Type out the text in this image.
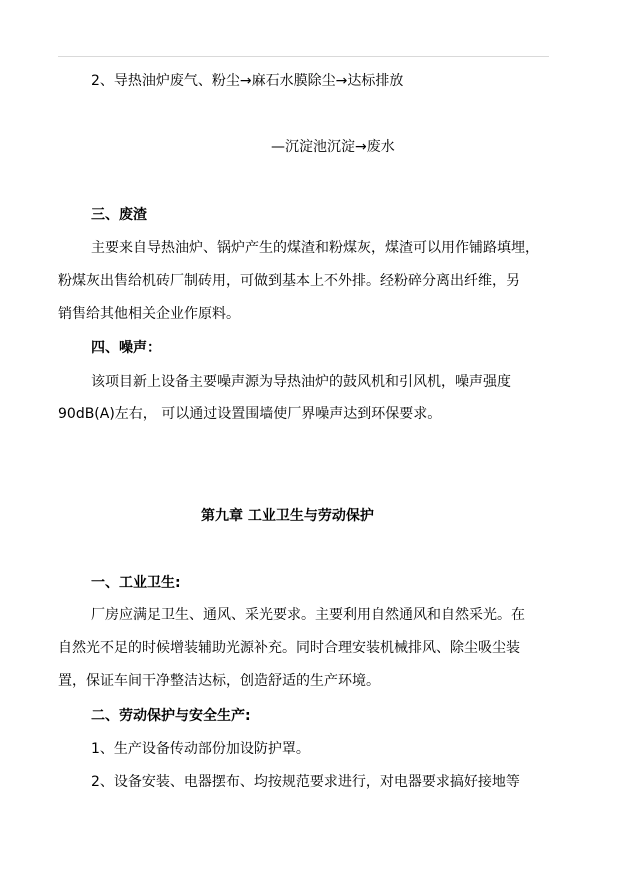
2、导热油炉废气、粉尘→麻石水膜除尘→达标排放
—沉淀池沉淀→废水
三、废渣
主要来自导热油炉、锅炉产生的煤渣和粉煤灰，煤渣可以用作铺路填埋，
粉煤灰出售给机砖厂制砖用，可做到基本上不外排。经粉碎分离出纤维，另
销售给其他相关企业作原料。
四、噪声：
该项目新上设备主要噪声源为导热油炉的鼓风机和引风机，噪声强度
90dB(A)左右， 可以通过设置围墙使厂界噪声达到环保要求。
第九章 工业卫生与劳动保护
一、工业卫生:
厂房应满足卫生、通风、采光要求。主要利用自然通风和自然采光。在
自然光不足的时候增装辅助光源补充。同时合理安装机械排风、除尘吸尘装
置，保证车间干净整洁达标，创造舒适的生产环境。
二、劳动保护与安全生产:
1、生产设备传动部份加设防护罩。
2、设备安装、电器摆布、均按规范要求进行，对电器要求搞好接地等
